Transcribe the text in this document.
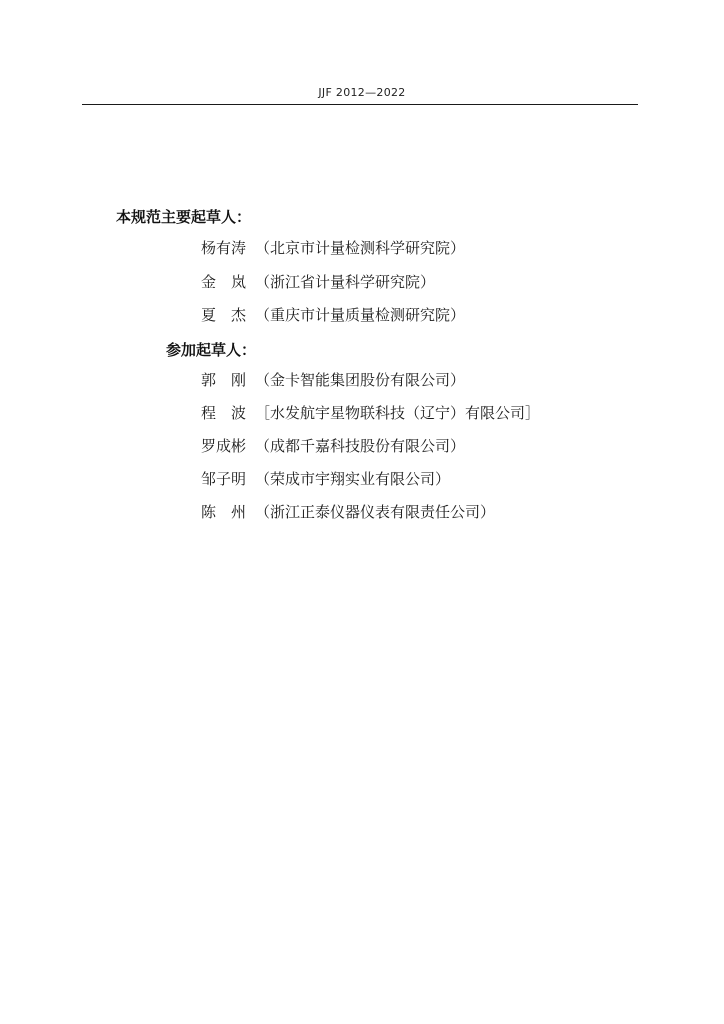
JJF 2012—2022
本规范主要起草人：
杨有涛 （北京市计量检测科学研究院）
金　岚 （浙江省计量科学研究院）
夏　杰 （重庆市计量质量检测研究院）
参加起草人：
郭　刚 （金卡智能集团股份有限公司）
程　波 ［水发航宇星物联科技（辽宁）有限公司］
罗成彬 （成都千嘉科技股份有限公司）
邹子明 （荣成市宇翔实业有限公司）
陈　州 （浙江正泰仪器仪表有限责任公司）
